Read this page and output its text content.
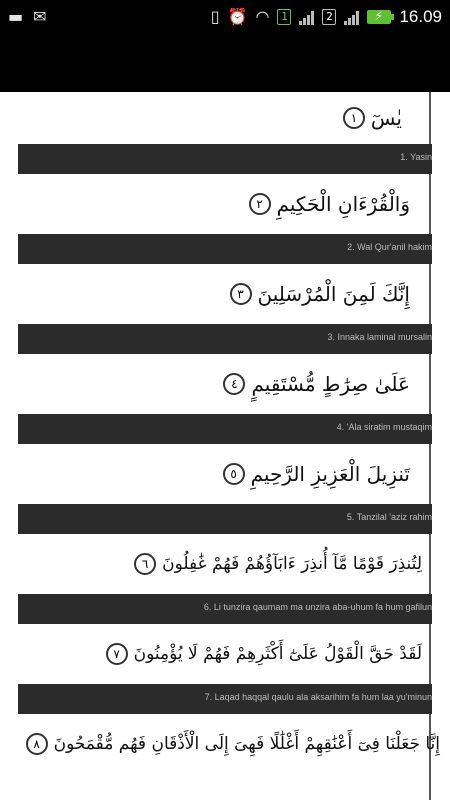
▬ ✉	▯ ⏰ ◠	1	2	⚡ 16.09
١ يٰسٓ
1. Yasin
٢ وَالْقُرْءَانِ الْحَكِيمِ
2. Wal Qur'anil hakim
٣ إِنَّكَ لَمِنَ الْمُرْسَلِينَ
3. Innaka laminal mursalin
٤ عَلَىٰ صِرَٰطٍ مُّسْتَقِيمٍ
4. 'Ala siratim mustaqim
٥ تَنزِيلَ الْعَزِيزِ الرَّحِيمِ
5. Tanzilal 'aziz rahim
٦ لِتُنذِرَ قَوْمًا مَّآ أُنذِرَ ءَابَآؤُهُمْ فَهُمْ غَٰفِلُونَ
6. Li tunzira qaumam ma unzira aba-uhum fa hum gafilun
٧ لَقَدْ حَقَّ الْقَوْلُ عَلَىٰٓ أَكْثَرِهِمْ فَهُمْ لَا يُؤْمِنُونَ
7. Laqad haqqal qaulu ala aksarihim fa hum laa yu'minun
٨ إِنَّا جَعَلْنَا فِىٓ أَعْنَٰقِهِمْ أَغْلَٰلًا فَهِىَ إِلَى الْأَذْقَانِ فَهُم مُّقْمَحُونَ
